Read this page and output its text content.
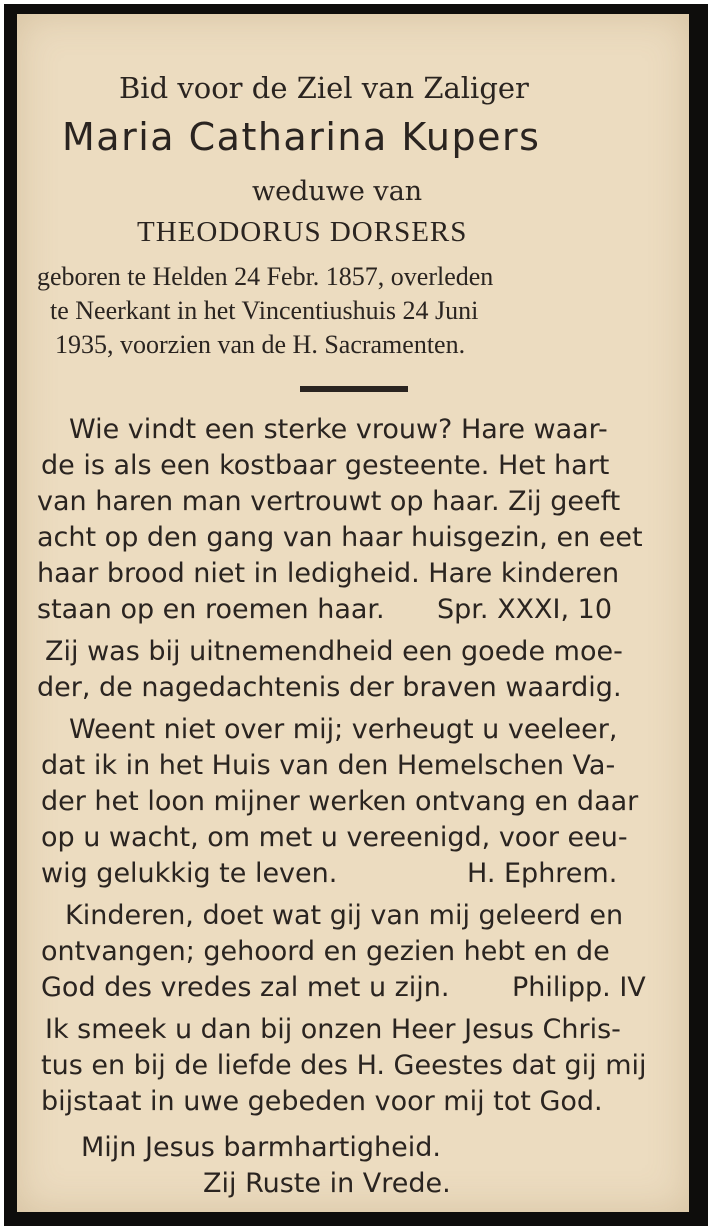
Bid voor de Ziel van Zaliger
Maria Catharina Kupers
weduwe van
THEODORUS DORSERS
geboren te Helden 24 Febr. 1857, overleden
te Neerkant in het Vincentiushuis 24 Juni
1935, voorzien van de H. Sacramenten.
Wie vindt een sterke vrouw? Hare waar-
de is als een kostbaar gesteente. Het hart
van haren man vertrouwt op haar. Zij geeft
acht op den gang van haar huisgezin, en eet
haar brood niet in ledigheid. Hare kinderen
staan op en roemen haar. Spr. XXXI, 10
Zij was bij uitnemendheid een goede moe-
der, de nagedachtenis der braven waardig.
Weent niet over mij; verheugt u veeleer,
dat ik in het Huis van den Hemelschen Va-
der het loon mijner werken ontvang en daar
op u wacht, om met u vereenigd, voor eeu-
wig gelukkig te leven.	H. Ephrem.
Kinderen, doet wat gij van mij geleerd en
ontvangen; gehoord en gezien hebt en de
God des vredes zal met u zijn. Philipp. IV
Ik smeek u dan bij onzen Heer Jesus Chris-
tus en bij de liefde des H. Geestes dat gij mij
bijstaat in uwe gebeden voor mij tot God.
Mijn Jesus barmhartigheid.
Zij Ruste in Vrede.
